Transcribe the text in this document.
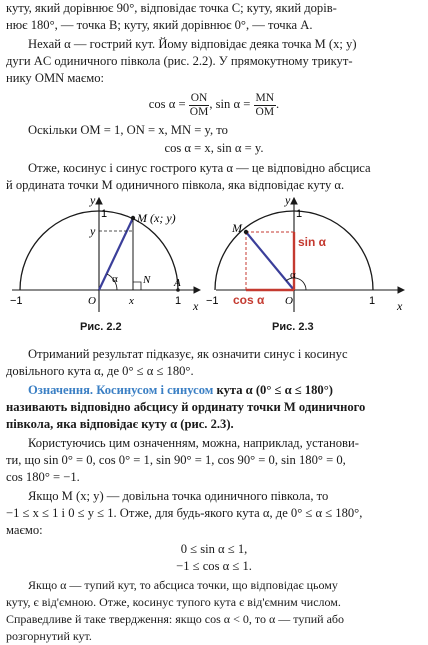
куту, який дорівнює 90°, відповідає точка C; куту, який дорів-
нює 180°, — точка B; куту, який дорівнює 0°, — точка A.
Нехай α — гострий кут. Йому відповідає деяка точка M (x; y)
дуги AC одиничного півкола (рис. 2.2). У прямокутному трикут-
нику OMN маємо:
$\cos \alpha = \frac{ON}{OM}$ , $\sin \alpha = \frac{MN}{OM}$ .
Оскільки OM = 1, ON = x, MN = y, то
cos α = x, sin α = y.
Отже, косинус і синус гострого кута α — це відповідно абсциса
й ордината точки M одиничного півкола, яка відповідає куту α.
y
x
1 M (x; y)
y
α N A
O	x
−1	1
Рис. 2.2
y
x
1
M
sin α
α
cos α O
−1	1
Рис. 2.3
Отриманий результат підказує, як означити синус і косинус
довільного кута α, де 0° ≤ α ≤ 180°.
Означення. Косинусом і синусом кута α (0° ≤ α ≤ 180°)
називають відповідно абсцису й ординату точки M одиничного
півкола, яка відповідає куту α (рис. 2.3).
Користуючись цим означенням, можна, наприклад, установи-
ти, що sin 0° = 0, cos 0° = 1, sin 90° = 1, cos 90° = 0, sin 180° = 0,
cos 180° = −1.
Якщо M (x; y) — довільна точка одиничного півкола, то
−1 ≤ x ≤ 1 і 0 ≤ y ≤ 1. Отже, для будь-якого кута α, де 0° ≤ α ≤ 180°,
маємо:
0 ≤ sin α ≤ 1,
−1 ≤ cos α ≤ 1.
Якщо α — тупий кут, то абсциса точки, що відповідає цьому
куту, є від'ємною. Отже, косинус тупого кута є від'ємним числом.
Справедливе й таке твердження: якщо cos α < 0, то α — тупий або
розгорнутий кут.
